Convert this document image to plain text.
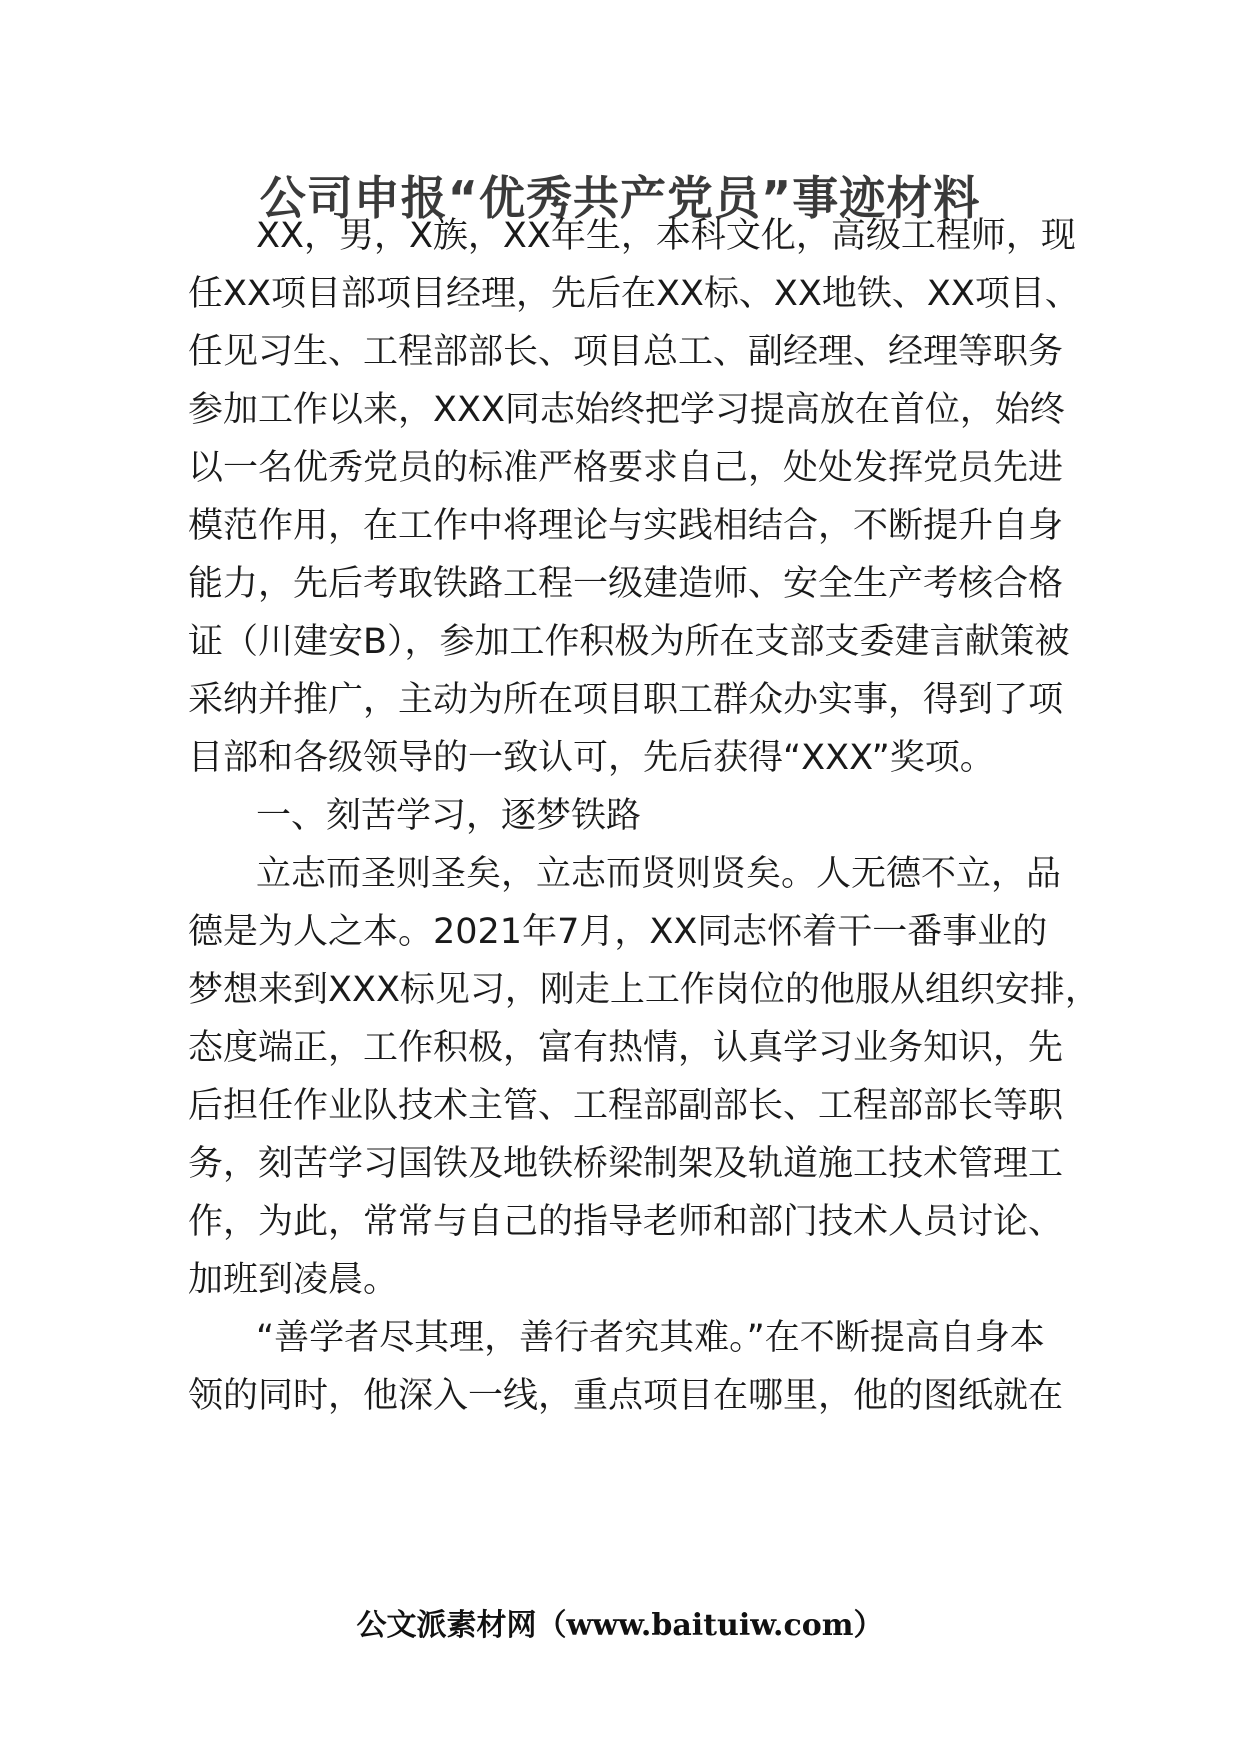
公司申报“优秀共产党员”事迹材料

XX，男，X族，XX年生，本科文化，高级工程师，现

任XX项目部项目经理，先后在XX标、XX地铁、XX项目、

任见习生、工程部部长、项目总工、副经理、经理等职务

参加工作以来，XXX同志始终把学习提高放在首位，始终

以一名优秀党员的标准严格要求自己，处处发挥党员先进

模范作用，在工作中将理论与实践相结合，不断提升自身

能力，先后考取铁路工程一级建造师、安全生产考核合格

证（川建安B），参加工作积极为所在支部支委建言献策被

采纳并推广，主动为所在项目职工群众办实事，得到了项

目部和各级领导的一致认可，先后获得“XXX”奖项。

一、刻苦学习，逐梦铁路

立志而圣则圣矣，立志而贤则贤矣。人无德不立，品

德是为人之本。2021年7月，XX同志怀着干一番事业的

梦想来到XXX标见习，刚走上工作岗位的他服从组织安排，

态度端正，工作积极，富有热情，认真学习业务知识，先

后担任作业队技术主管、工程部副部长、工程部部长等职

务，刻苦学习国铁及地铁桥梁制架及轨道施工技术管理工

作，为此，常常与自己的指导老师和部门技术人员讨论、

加班到凌晨。

“善学者尽其理，善行者究其难。”在不断提高自身本

领的同时，他深入一线，重点项目在哪里，他的图纸就在

公文派素材网（www.baituiw.com）
